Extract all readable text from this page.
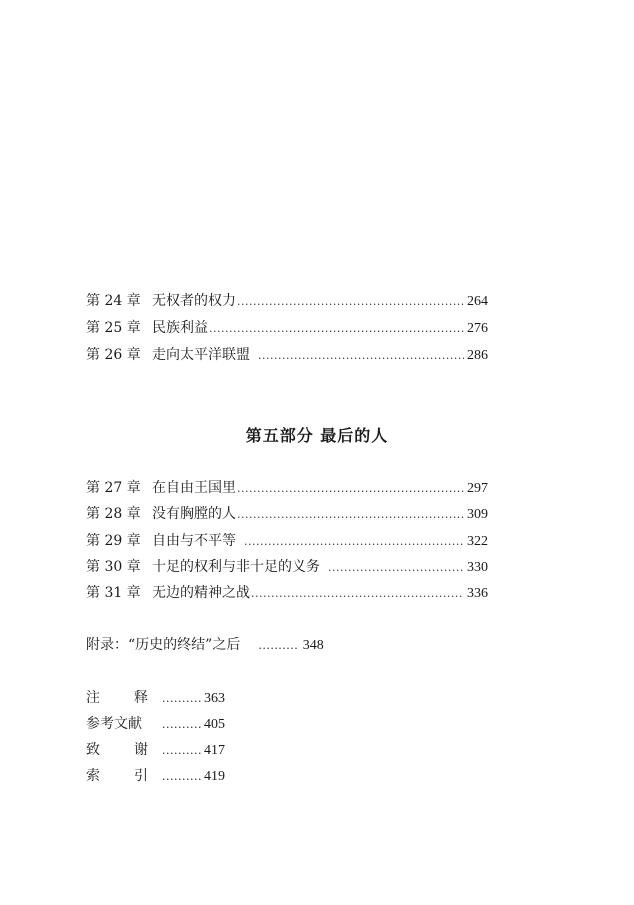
第 24 章 无权者的权力 .....	264
第 25 章 民族利益 .....	276
第 26 章 走向太平洋联盟 .....	286
第五部分 最后的人
第 27 章 在自由王国里 .....	297
第 28 章 没有胸膛的人 .....	309
第 29 章 自由与不平等 .....	322
第 30 章 十足的权利与非十足的义务 .....	330
第 31 章 无边的精神之战 .....	336
附录：“历史的终结”之后 .......... 348
注 释 .......... 363
参考文献	.......... 405
致 谢 .......... 417
索 引 .......... 419
